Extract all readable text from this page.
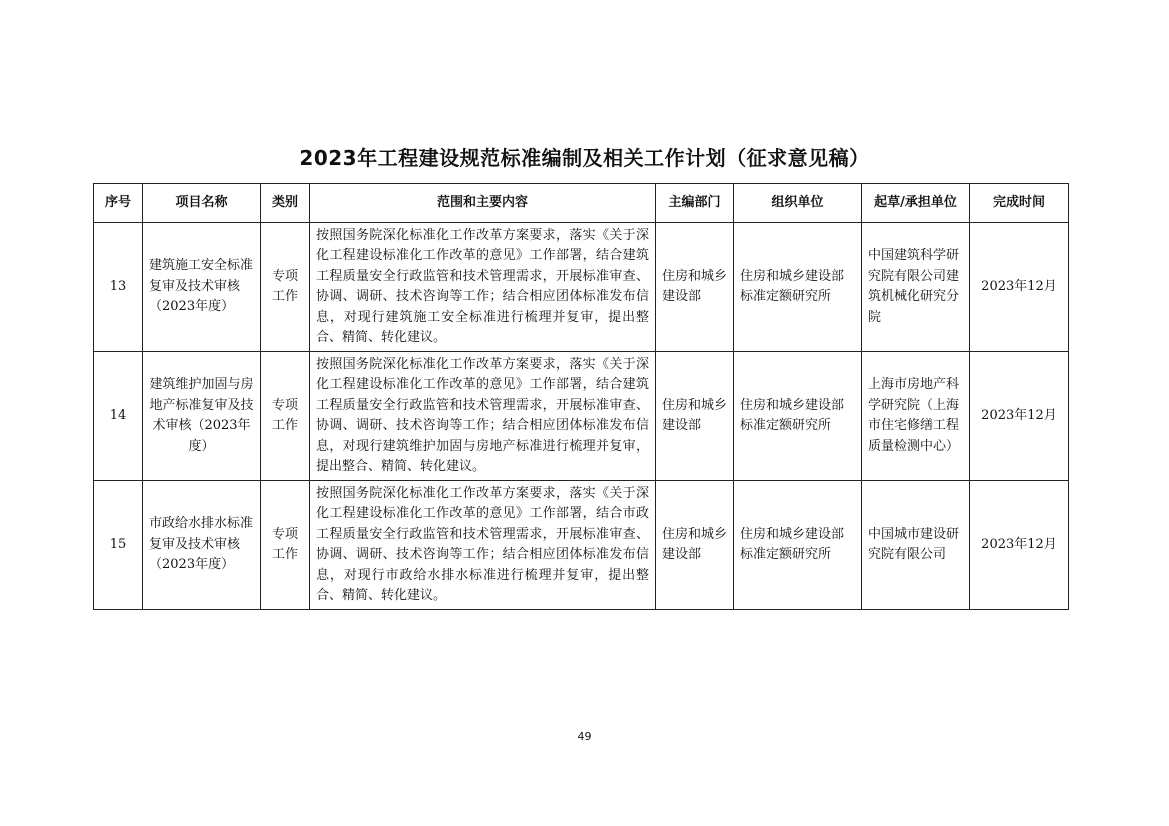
2023年工程建设规范标准编制及相关工作计划（征求意见稿）
序号	项目名称	类别	范围和主要内容	主编部门	组织单位	起草/承担单位	完成时间
13	建筑施工安全标准复审及技术审核（2023年度）	专项工作	按照国务院深化标准化工作改革方案要求，落实《关于深化工程建设标准化工作改革的意见》工作部署，结合建筑工程质量安全行政监管和技术管理需求，开展标准审查、协调、调研、技术咨询等工作；结合相应团体标准发布信息，对现行建筑施工安全标准进行梳理并复审，提出整合、精简、转化建议。	住房和城乡建设部	住房和城乡建设部标准定额研究所	中国建筑科学研究院有限公司建筑机械化研究分院	2023年12月
14	建筑维护加固与房地产标准复审及技术审核（2023年度）	专项工作	按照国务院深化标准化工作改革方案要求，落实《关于深化工程建设标准化工作改革的意见》工作部署，结合建筑工程质量安全行政监管和技术管理需求，开展标准审查、协调、调研、技术咨询等工作；结合相应团体标准发布信息，对现行建筑维护加固与房地产标准进行梳理并复审，提出整合、精简、转化建议。	住房和城乡建设部	住房和城乡建设部标准定额研究所	上海市房地产科学研究院（上海市住宅修缮工程质量检测中心）	2023年12月
15	市政给水排水标准复审及技术审核（2023年度）	专项工作	按照国务院深化标准化工作改革方案要求，落实《关于深化工程建设标准化工作改革的意见》工作部署，结合市政工程质量安全行政监管和技术管理需求，开展标准审查、协调、调研、技术咨询等工作；结合相应团体标准发布信息，对现行市政给水排水标准进行梳理并复审，提出整合、精简、转化建议。	住房和城乡建设部	住房和城乡建设部标准定额研究所	中国城市建设研究院有限公司	2023年12月
49
